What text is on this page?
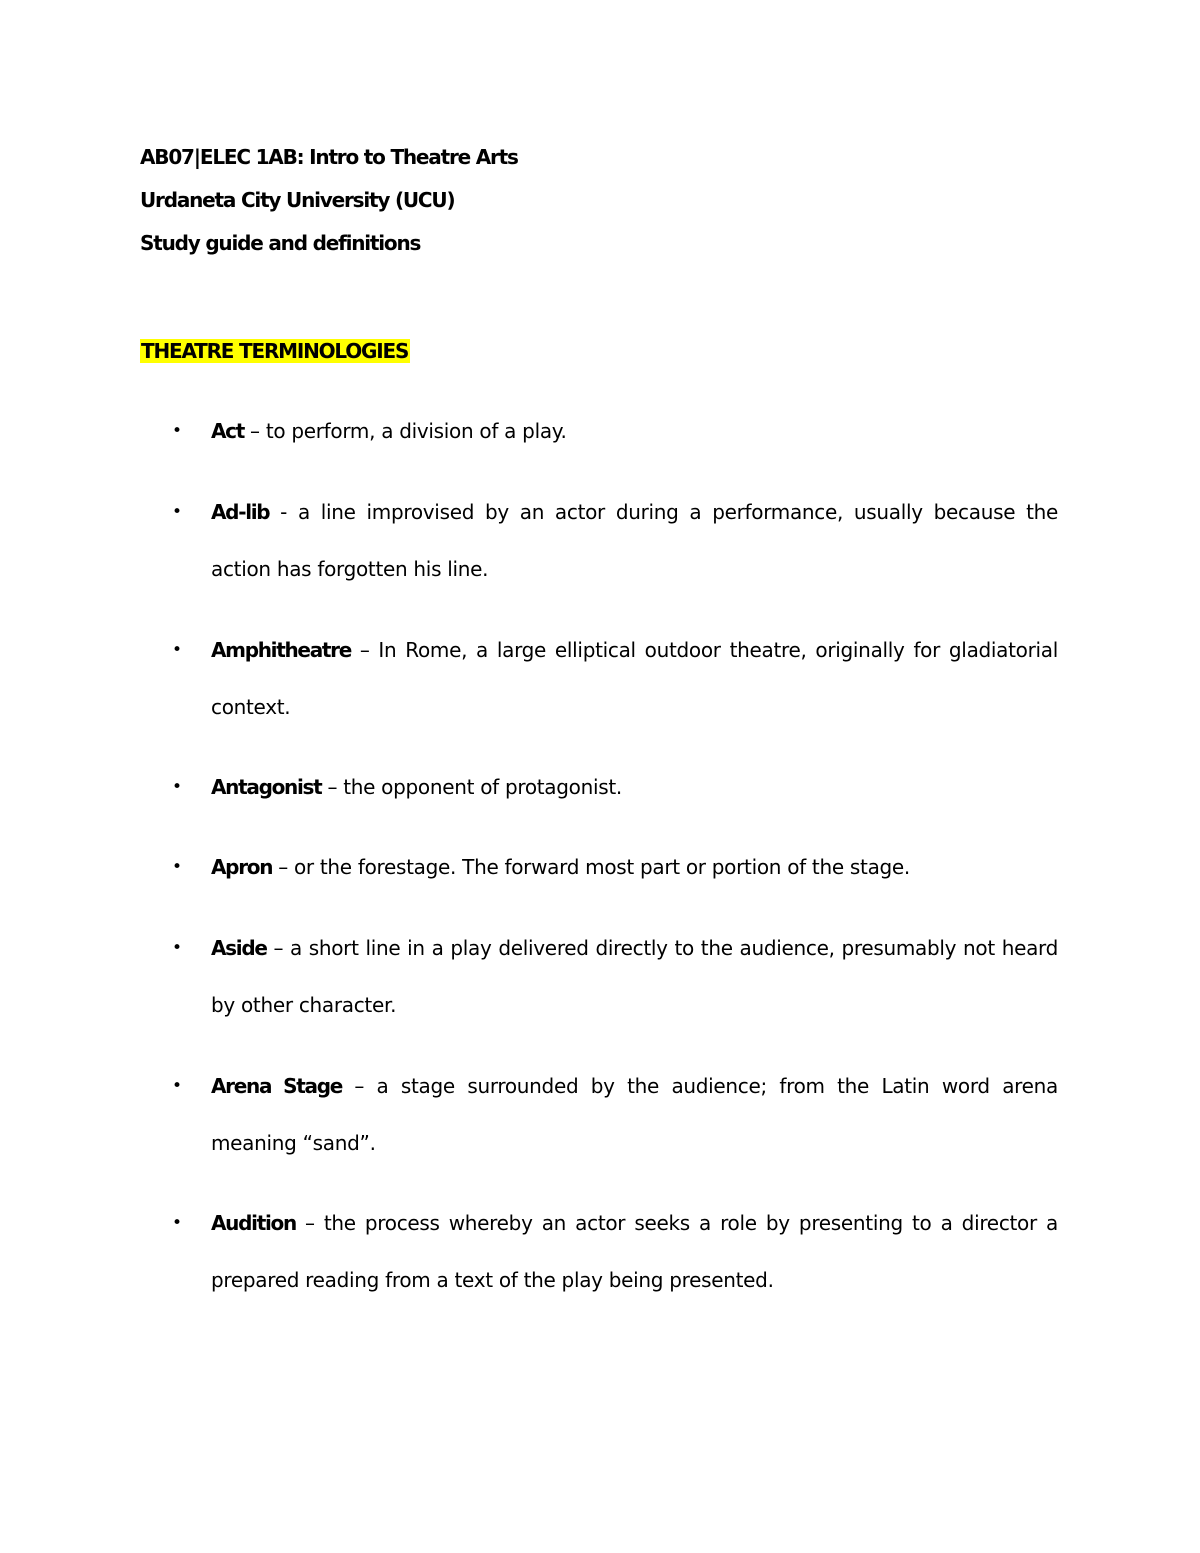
AB07|ELEC 1AB: Intro to Theatre Arts
Urdaneta City University (UCU)
Study guide and definitions
THEATRE TERMINOLOGIES
• Act – to perform, a division of a play.
• Ad-lib - a line improvised by an actor during a performance, usually because the action has forgotten his line.
• Amphitheatre – In Rome, a large elliptical outdoor theatre, originally for gladiatorial context.
• Antagonist – the opponent of protagonist.
• Apron – or the forestage. The forward most part or portion of the stage.
• Aside – a short line in a play delivered directly to the audience, presumably not heard by other character.
• Arena Stage – a stage surrounded by the audience; from the Latin word arena meaning “sand”.
• Audition – the process whereby an actor seeks a role by presenting to a director a prepared reading from a text of the play being presented.
